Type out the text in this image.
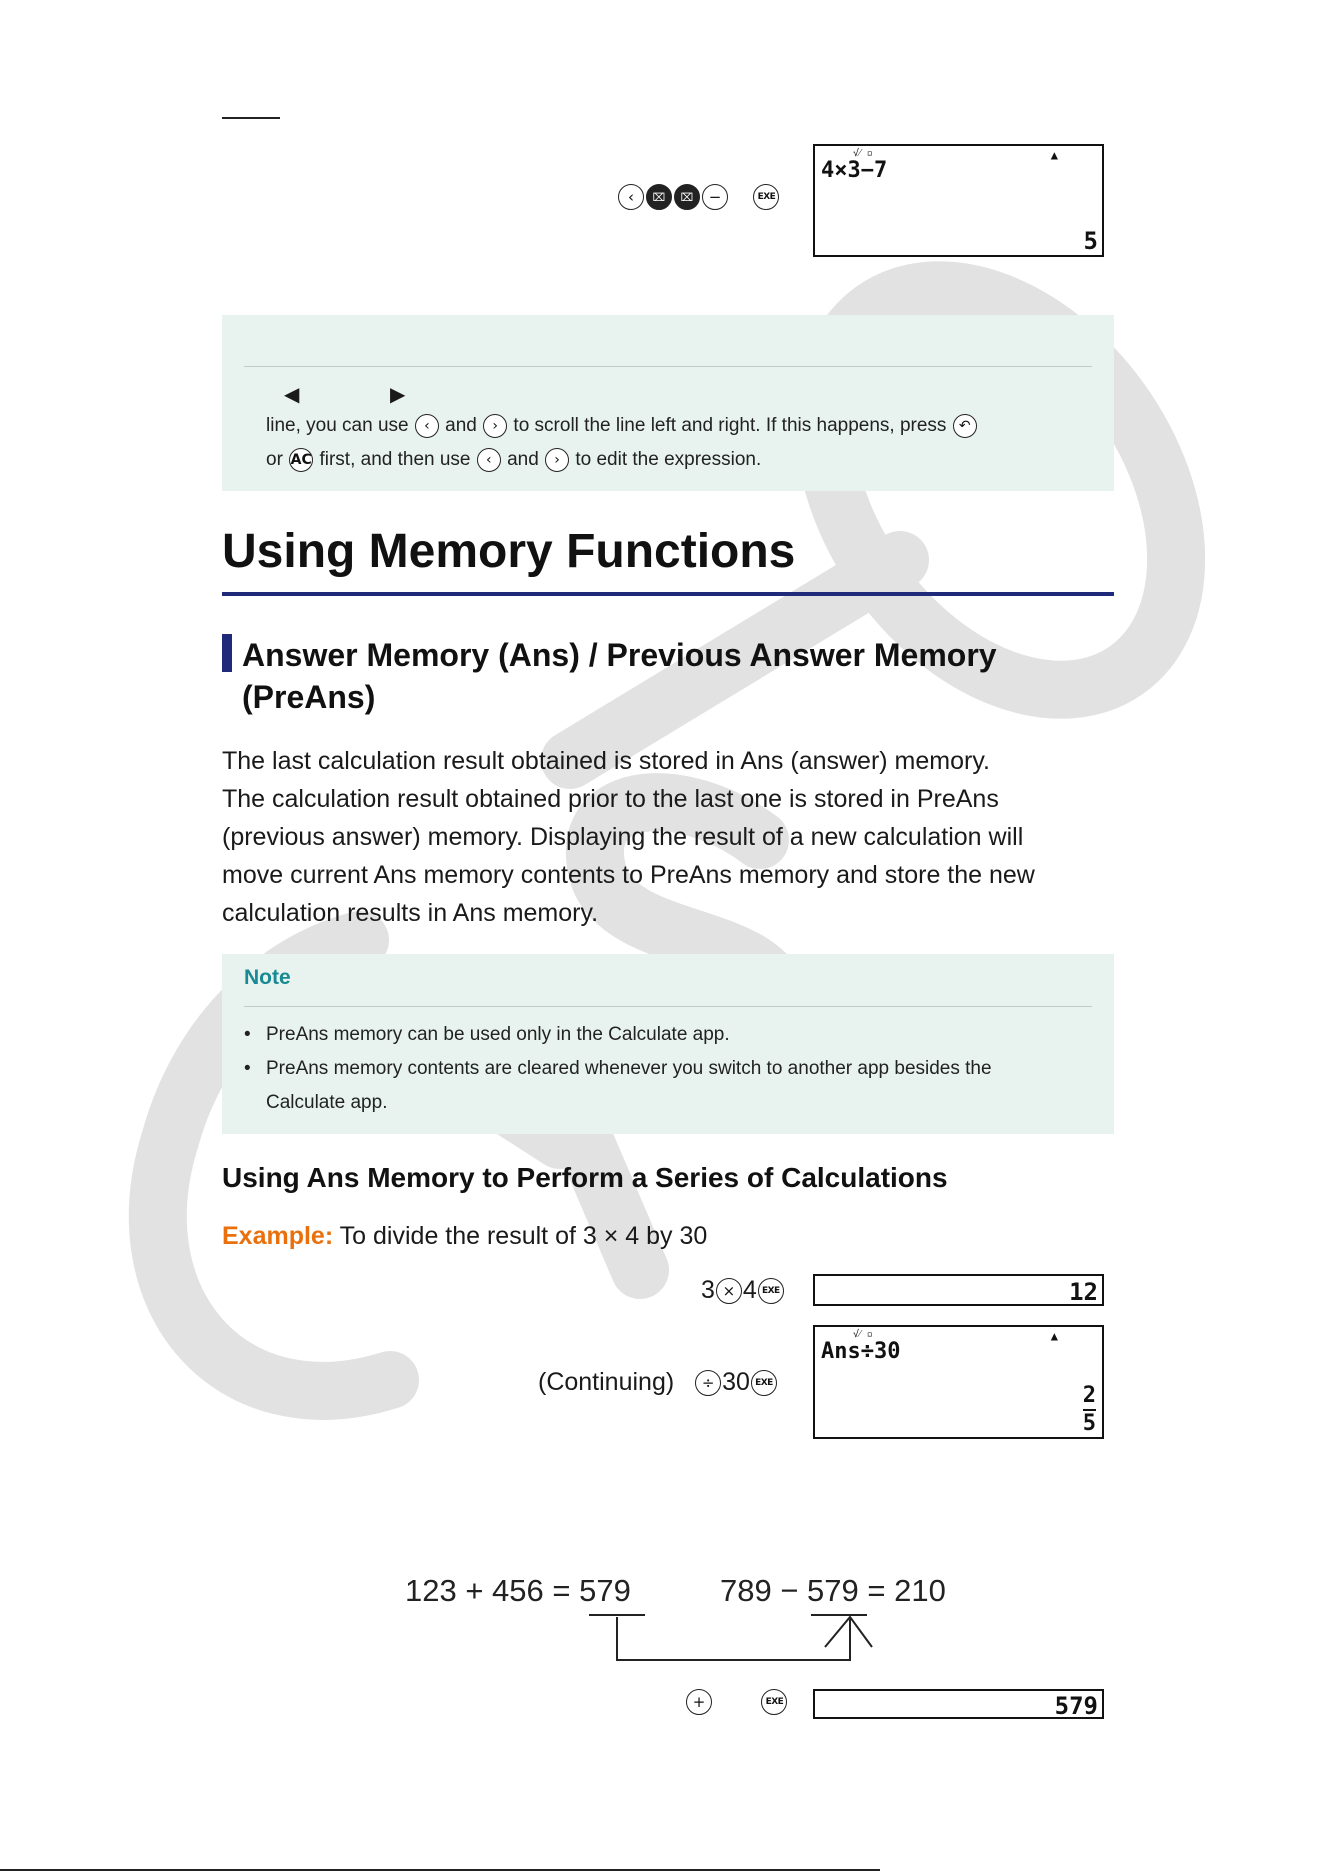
‹ ⌧ ⌧ −	EXE
√⁄ ▫	▲
4×3−7
5
◀	▶
line, you can use ‹ and › to scroll the line left and right. If this happens, press ↶
or AC first, and then use ‹ and › to edit the expression.
Using Memory Functions
Answer Memory (Ans) / Previous Answer Memory
(PreAns)
The last calculation result obtained is stored in Ans (answer) memory.
The calculation result obtained prior to the last one is stored in PreAns
(previous answer) memory. Displaying the result of a new calculation will
move current Ans memory contents to PreAns memory and store the new
calculation results in Ans memory.
Note
• PreAns memory can be used only in the Calculate app.
• PreAns memory contents are cleared whenever you switch to another app besides the
Calculate app.
Using Ans Memory to Perform a Series of Calculations
Example: To divide the result of 3 × 4 by 30
3 × 4 EXE	12
(Continuing) ÷ 30 EXE
√⁄ ▫	▲
Ans÷30
2
5
123 + 456 = 579	789 − 579 = 210
+	EXE	579
